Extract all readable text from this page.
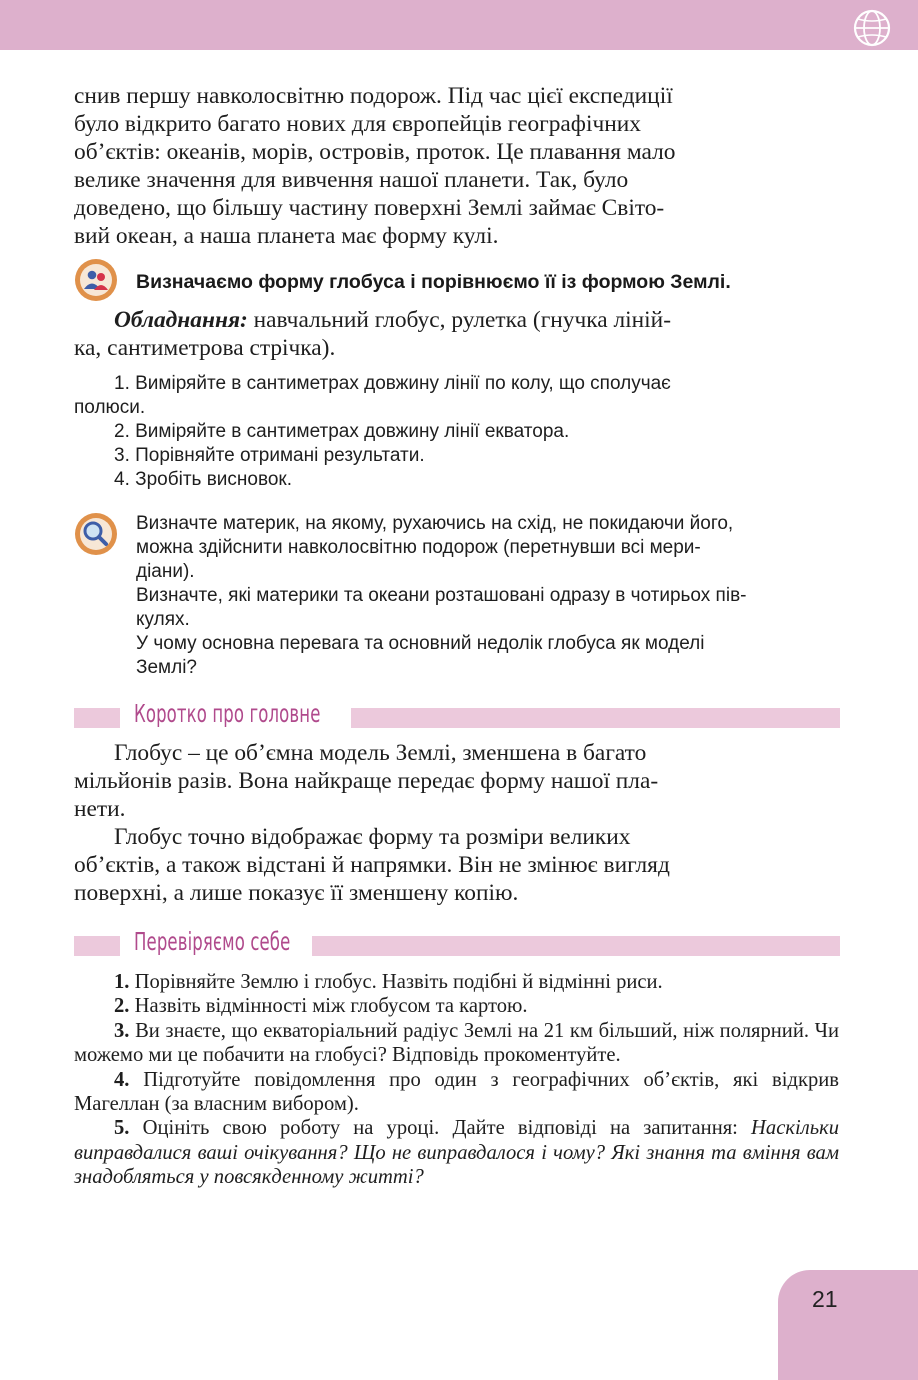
снив першу навколосвітню подорож. Під час цієї експедиції

було відкрито багато нових для європейців географічних

об’єктів: океанів, морів, островів, проток. Це плавання мало

велике значення для вивчення нашої планети. Так, було

доведено, що більшу частину поверхні Землі займає Світо-

вий океан, а наша планета має форму кулі.

Визначаємо форму глобуса і порівнюємо її із формою Землі.

Обладнання: навчальний глобус, рулетка (гнучка ліній-

ка, сантиметрова стрічка).

1. Виміряйте в сантиметрах довжину лінії по колу, що сполучає

полюси.

2. Виміряйте в сантиметрах довжину лінії екватора.

3. Порівняйте отримані результати.

4. Зробіть висновок.

Визначте материк, на якому, рухаючись на схід, не покидаючи його,

можна здійснити навколосвітню подорож (перетнувши всі мери-

діани).

Визначте, які материки та океани розташовані одразу в чотирьох пів-

кулях.

У чому основна перевага та основний недолік глобуса як моделі

Землі?

Коротко про головне

Глобус – це об’ємна модель Землі, зменшена в багато

мільйонів разів. Вона найкраще передає форму нашої пла-

нети.

Глобус точно відображає форму та розміри великих

об’єктів, а також відстані й напрямки. Він не змінює вигляд

поверхні, а лише показує її зменшену копію.

Перевіряємо себе

1. Порівняйте Землю і глобус. Назвіть подібні й відмінні риси.

2. Назвіть відмінності між глобусом та картою.

3. Ви знаєте, що екваторіальний радіус Землі на 21 км більший, ніж полярний. Чи можемо ми це побачити на глобусі? Відповідь прокоментуйте.

4. Підготуйте повідомлення про один з географічних об’єктів, які відкрив Магеллан (за власним вибором).

5. Оцініть свою роботу на уроці. Дайте відповіді на запитання: Наскільки виправдалися ваші очікування? Що не виправдалося і чому? Які знання та вміння вам знадобляться у повсякденному житті?

21
